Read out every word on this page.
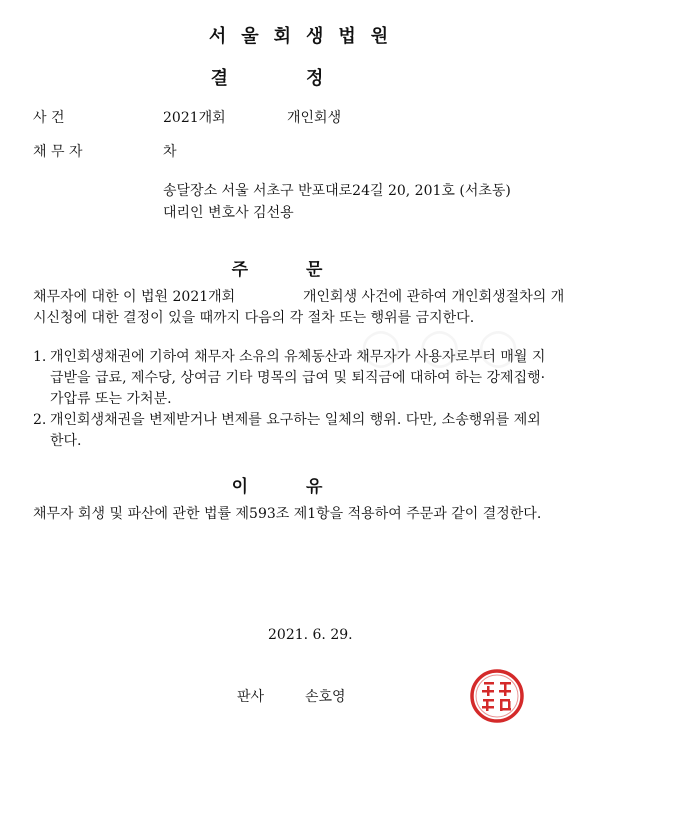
서울회생법원
결정
사 건	2021개회	개인회생
채 무 자	차
송달장소 서울 서초구 반포대로24길 20, 201호 (서초동)
대리인 변호사 김선용
주문
채무자에 대한 이 법원 2021개회	개인회생 사건에 관하여 개인회생절차의 개
시신청에 대한 결정이 있을 때까지 다음의 각 절차 또는 행위를 금지한다.
1. 개인회생채권에 기하여 채무자 소유의 유체동산과 채무자가 사용자로부터 매월 지
급받을 급료, 제수당, 상여금 기타 명목의 급여 및 퇴직금에 대하여 하는 강제집행·
가압류 또는 가처분.
2. 개인회생채권을 변제받거나 변제를 요구하는 일체의 행위. 다만, 소송행위를 제외
한다.
이유
채무자 회생 및 파산에 관한 법률 제593조 제1항을 적용하여 주문과 같이 결정한다.
2021. 6. 29.
판사	손호영
